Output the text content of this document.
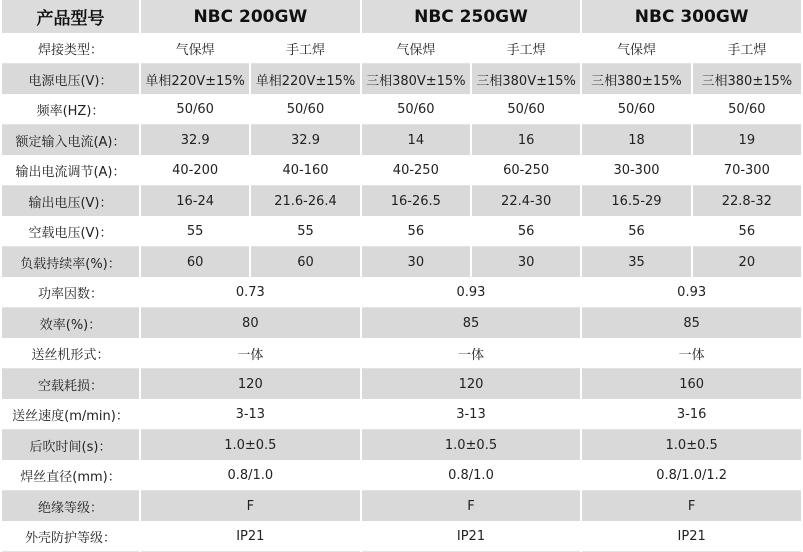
产品型号	NBC 200GW		NBC 250GW		NBC 300GW	
焊接类型：	气保焊	手工焊	气保焊	手工焊	气保焊	手工焊
电源电压(V)：	单相220V±15%	单相220V±15%	三相380V±15%	三相380V±15%	三相380±15%	三相380±15%
频率(HZ)：	50/60	50/60	50/60	50/60	50/60	50/60
额定输入电流(A)：	32.9	32.9	14	16	18	19
输出电流调节(A)：	40-200	40-160	40-250	60-250	30-300	70-300
输出电压(V)：	16-24	21.6-26.4	16-26.5	22.4-30	16.5-29	22.8-32
空载电压(V)：	55	55	56	56	56	56
负载持续率(%)：	60	60	30	30	35	20
功率因数：	0.73		0.93		0.93	
效率(%)：	80		85		85	
送丝机形式：	一体		一体		一体	
空载耗损：	120		120		160	
送丝速度(m/min)：	3-13		3-13		3-16	
后吹时间(s)：	1.0±0.5		1.0±0.5		1.0±0.5	
焊丝直径(mm)：	0.8/1.0		0.8/1.0		0.8/1.0/1.2	
绝缘等级：	F		F		F	
外壳防护等级：	IP21		IP21		IP21	
